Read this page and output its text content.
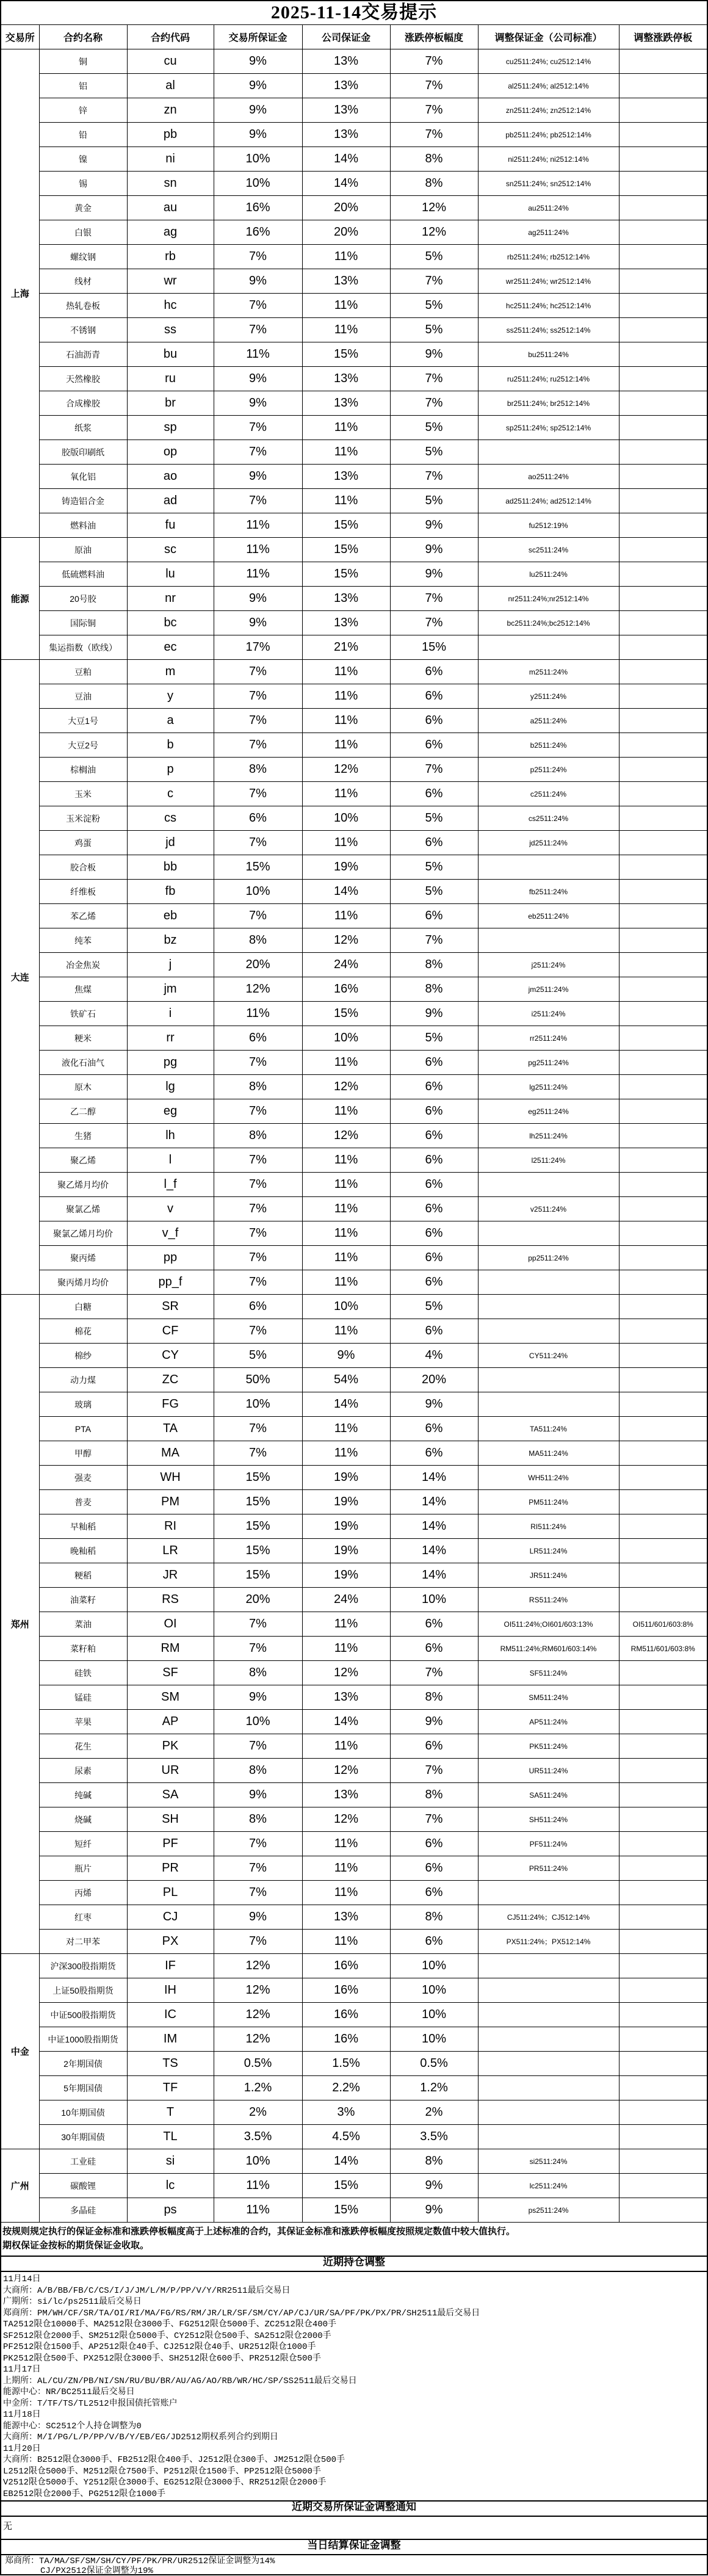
2025-11-14交易提示
交易所	合约名称	合约代码	交易所保证金	公司保证金	涨跌停板幅度	调整保证金（公司标准）	调整涨跌停板
上海	铜	cu	9%	13%	7%	cu2511:24%; cu2512:14%	
	铝	al	9%	13%	7%	al2511:24%; al2512:14%	
	锌	zn	9%	13%	7%	zn2511:24%; zn2512:14%	
	铅	pb	9%	13%	7%	pb2511:24%; pb2512:14%	
	镍	ni	10%	14%	8%	ni2511:24%; ni2512:14%	
	锡	sn	10%	14%	8%	sn2511:24%; sn2512:14%	
	黄金	au	16%	20%	12%	au2511:24%	
	白银	ag	16%	20%	12%	ag2511:24%	
	螺纹钢	rb	7%	11%	5%	rb2511:24%; rb2512:14%	
	线材	wr	9%	13%	7%	wr2511:24%; wr2512:14%	
	热轧卷板	hc	7%	11%	5%	hc2511:24%; hc2512:14%	
	不锈钢	ss	7%	11%	5%	ss2511:24%; ss2512:14%	
	石油沥青	bu	11%	15%	9%	bu2511:24%	
	天然橡胶	ru	9%	13%	7%	ru2511:24%; ru2512:14%	
	合成橡胶	br	9%	13%	7%	br2511:24%; br2512:14%	
	纸浆	sp	7%	11%	5%	sp2511:24%; sp2512:14%	
	胶版印刷纸	op	7%	11%	5%		
	氧化铝	ao	9%	13%	7%	ao2511:24%	
	铸造铝合金	ad	7%	11%	5%	ad2511:24%; ad2512:14%	
	燃料油	fu	11%	15%	9%	fu2512:19%	
能源	原油	sc	11%	15%	9%	sc2511:24%	
	低硫燃料油	lu	11%	15%	9%	lu2511:24%	
	20号胶	nr	9%	13%	7%	nr2511:24%;nr2512:14%	
	国际铜	bc	9%	13%	7%	bc2511:24%;bc2512:14%	
	集运指数（欧线）	ec	17%	21%	15%		
大连	豆粕	m	7%	11%	6%	m2511:24%	
	豆油	y	7%	11%	6%	y2511:24%	
	大豆1号	a	7%	11%	6%	a2511:24%	
	大豆2号	b	7%	11%	6%	b2511:24%	
	棕榈油	p	8%	12%	7%	p2511:24%	
	玉米	c	7%	11%	6%	c2511:24%	
	玉米淀粉	cs	6%	10%	5%	cs2511:24%	
	鸡蛋	jd	7%	11%	6%	jd2511:24%	
	胶合板	bb	15%	19%	5%		
	纤维板	fb	10%	14%	5%	fb2511:24%	
	苯乙烯	eb	7%	11%	6%	eb2511:24%	
	纯苯	bz	8%	12%	7%		
	冶金焦炭	j	20%	24%	8%	j2511:24%	
	焦煤	jm	12%	16%	8%	jm2511:24%	
	铁矿石	i	11%	15%	9%	i2511:24%	
	粳米	rr	6%	10%	5%	rr2511:24%	
	液化石油气	pg	7%	11%	6%	pg2511:24%	
	原木	lg	8%	12%	6%	lg2511:24%	
	乙二醇	eg	7%	11%	6%	eg2511:24%	
	生猪	lh	8%	12%	6%	lh2511:24%	
	聚乙烯	l	7%	11%	6%	l2511:24%	
	聚乙烯月均价	l_f	7%	11%	6%		
	聚氯乙烯	v	7%	11%	6%	v2511:24%	
	聚氯乙烯月均价	v_f	7%	11%	6%		
	聚丙烯	pp	7%	11%	6%	pp2511:24%	
	聚丙烯月均价	pp_f	7%	11%	6%		
郑州	白糖	SR	6%	10%	5%		
	棉花	CF	7%	11%	6%		
	棉纱	CY	5%	9%	4%	CY511:24%	
	动力煤	ZC	50%	54%	20%		
	玻璃	FG	10%	14%	9%		
	PTA	TA	7%	11%	6%	TA511:24%	
	甲醇	MA	7%	11%	6%	MA511:24%	
	强麦	WH	15%	19%	14%	WH511:24%	
	普麦	PM	15%	19%	14%	PM511:24%	
	早籼稻	RI	15%	19%	14%	RI511:24%	
	晚籼稻	LR	15%	19%	14%	LR511:24%	
	粳稻	JR	15%	19%	14%	JR511:24%	
	油菜籽	RS	20%	24%	10%	RS511:24%	
	菜油	OI	7%	11%	6%	OI511:24%;OI601/603:13%	OI511/601/603:8%
	菜籽粕	RM	7%	11%	6%	RM511:24%;RM601/603:14%	RM511/601/603:8%
	硅铁	SF	8%	12%	7%	SF511:24%	
	锰硅	SM	9%	13%	8%	SM511:24%	
	苹果	AP	10%	14%	9%	AP511:24%	
	花生	PK	7%	11%	6%	PK511:24%	
	尿素	UR	8%	12%	7%	UR511:24%	
	纯碱	SA	9%	13%	8%	SA511:24%	
	烧碱	SH	8%	12%	7%	SH511:24%	
	短纤	PF	7%	11%	6%	PF511:24%	
	瓶片	PR	7%	11%	6%	PR511:24%	
	丙烯	PL	7%	11%	6%		
	红枣	CJ	9%	13%	8%	CJ511:24%；CJ512:14%	
	对二甲苯	PX	7%	11%	6%	PX511:24%；PX512:14%	
中金	沪深300股指期货	IF	12%	16%	10%		
	上证50股指期货	IH	12%	16%	10%		
	中证500股指期货	IC	12%	16%	10%		
	中证1000股指期货	IM	12%	16%	10%		
	2年期国债	TS	0.5%	1.5%	0.5%		
	5年期国债	TF	1.2%	2.2%	1.2%		
	10年期国债	T	2%	3%	2%		
	30年期国债	TL	3.5%	4.5%	3.5%		
广州	工业硅	si	10%	14%	8%	si2511:24%	
	碳酸锂	lc	11%	15%	9%	lc2511:24%	
	多晶硅	ps	11%	15%	9%	ps2511:24%	
按规则规定执行的保证金标准和涨跌停板幅度高于上述标准的合约，其保证金标准和涨跌停板幅度按照规定数值中较大值执行。
期权保证金按标的期货保证金收取。
近期持仓调整
11月14日
大商所：A/B/BB/FB/C/CS/I/J/JM/L/M/P/PP/V/Y/RR2511最后交易日
广期所：si/lc/ps2511最后交易日
郑商所：PM/WH/CF/SR/TA/OI/RI/MA/FG/RS/RM/JR/LR/SF/SM/CY/AP/CJ/UR/SA/PF/PK/PX/PR/SH2511最后交易日
TA2512限仓10000手、MA2512限仓3000手、FG2512限仓5000手、ZC2512限仓400手
SF2512限仓2000手、SM2512限仓5000手、CY2512限仓500手、SA2512限仓2000手
PF2512限仓1500手、AP2512限仓40手、CJ2512限仓40手、UR2512限仓1000手
PK2512限仓500手、PX2512限仓3000手、SH2512限仓600手、PR2512限仓500手
11月17日
上期所：AL/CU/ZN/PB/NI/SN/RU/BU/BR/AU/AG/AO/RB/WR/HC/SP/SS2511最后交易日
能源中心：NR/BC2511最后交易日
中金所：T/TF/TS/TL2512申报国债托管账户
11月18日
能源中心：SC2512个人持仓调整为0
大商所：M/I/PG/L/P/PP/V/B/Y/EB/EG/JD2512期权系列合约到期日
11月20日
大商所：B2512限仓3000手、FB2512限仓400手、J2512限仓300手、JM2512限仓500手
L2512限仓5000手、M2512限仓7500手、P2512限仓1500手、PP2512限仓5000手
V2512限仓5000手、Y2512限仓3000手、EG2512限仓3000手、RR2512限仓2000手
EB2512限仓2000手、PG2512限仓1000手
近期交易所保证金调整通知
无
当日结算保证金调整
郑商所：TA/MA/SF/SM/SH/CY/PF/PK/PR/UR2512保证金调整为14%
CJ/PX2512保证金调整为19%
